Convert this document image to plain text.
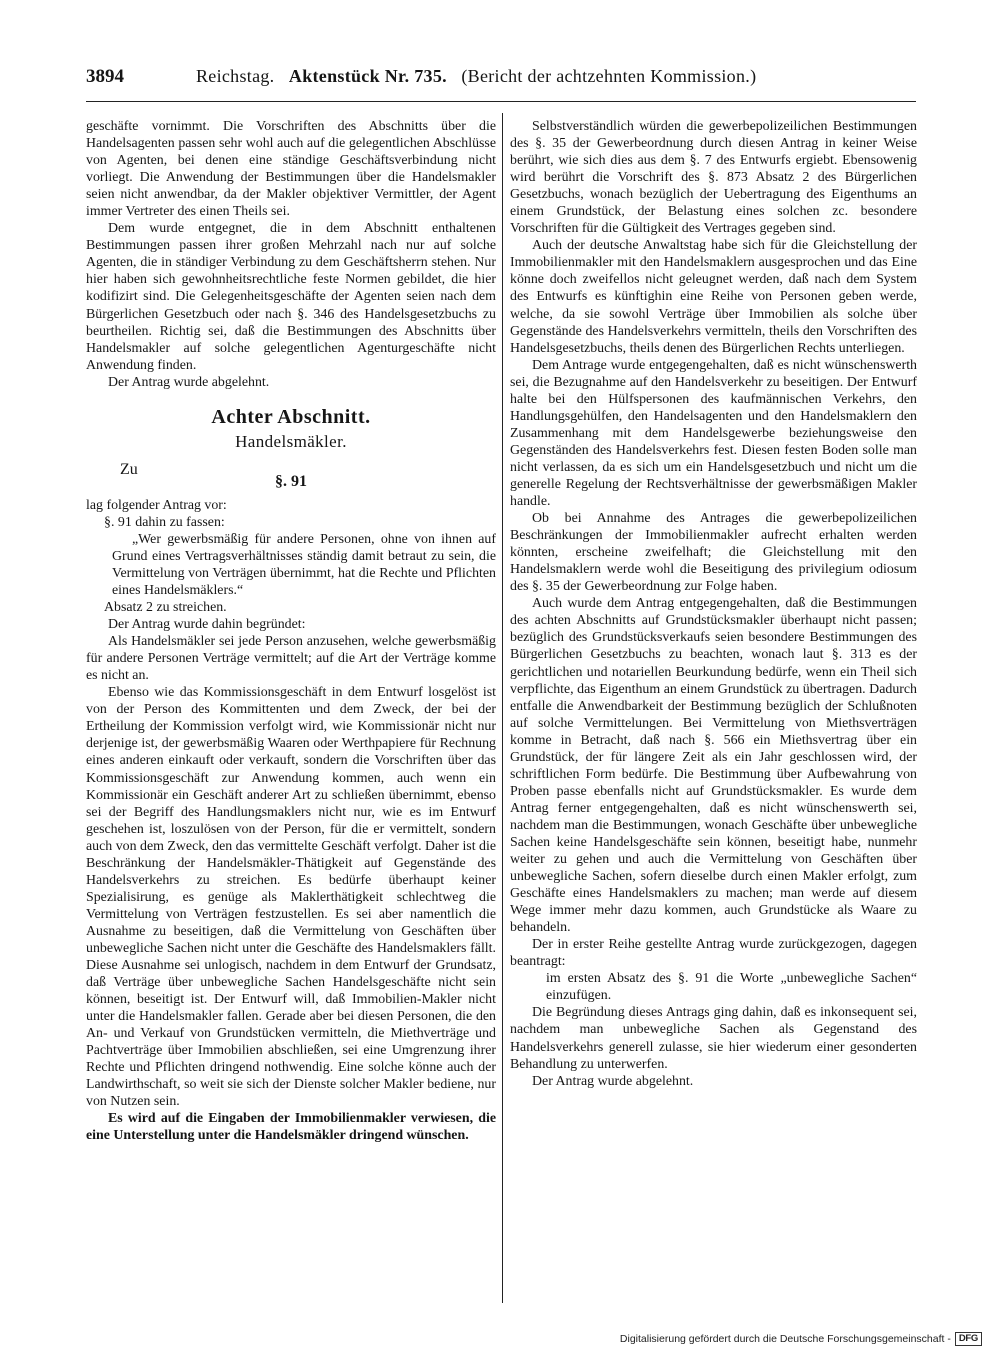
3894	Reichstag. Aktenstück Nr. 735. (Bericht der achtzehnten Kommission.)

geschäfte vornimmt. Die Vorschriften des Abschnitts über die Handelsagenten passen sehr wohl auch auf die gelegentlichen Abschlüsse von Agenten, bei denen eine ständige Geschäftsverbindung nicht vorliegt. Die Anwendung der Bestimmungen über die Handelsmakler seien nicht anwendbar, da der Makler objektiver Vermittler, der Agent immer Vertreter des einen Theils sei.

Dem wurde entgegnet, die in dem Abschnitt enthaltenen Bestimmungen passen ihrer großen Mehrzahl nach nur auf solche Agenten, die in ständiger Verbindung zu dem Geschäftsherrn stehen. Nur hier haben sich gewohnheitsrechtliche feste Normen gebildet, die hier kodifizirt sind. Die Gelegenheitsgeschäfte der Agenten seien nach dem Bürgerlichen Gesetzbuch oder nach §. 346 des Handelsgesetzbuchs zu beurtheilen. Richtig sei, daß die Bestimmungen des Abschnitts über Handelsmakler auf solche gelegentlichen Agenturgeschäfte nicht Anwendung finden.

Der Antrag wurde abgelehnt.

Achter Abschnitt.
Handelsmäkler.
Zu
§. 91

lag folgender Antrag vor:

§. 91 dahin zu fassen:

„Wer gewerbsmäßig für andere Personen, ohne von ihnen auf Grund eines Vertragsverhältnisses ständig damit betraut zu sein, die Vermittelung von Verträgen übernimmt, hat die Rechte und Pflichten eines Handelsmäklers.“

Absatz 2 zu streichen.

Der Antrag wurde dahin begründet:

Als Handelsmäkler sei jede Person anzusehen, welche gewerbsmäßig für andere Personen Verträge vermittelt; auf die Art der Verträge komme es nicht an.

Ebenso wie das Kommissionsgeschäft in dem Entwurf losgelöst ist von der Person des Kommittenten und dem Zweck, der bei der Ertheilung der Kommission verfolgt wird, wie Kommissionär nicht nur derjenige ist, der gewerbsmäßig Waaren oder Werthpapiere für Rechnung eines anderen einkauft oder verkauft, sondern die Vorschriften über das Kommissionsgeschäft zur Anwendung kommen, auch wenn ein Kommissionär ein Geschäft anderer Art zu schließen übernimmt, ebenso sei der Begriff des Handlungsmaklers nicht nur, wie es im Entwurf geschehen ist, loszulösen von der Person, für die er vermittelt, sondern auch von dem Zweck, den das vermittelte Geschäft verfolgt. Daher ist die Beschränkung der Handelsmäkler-Thätigkeit auf Gegenstände des Handelsverkehrs zu streichen. Es bedürfe überhaupt keiner Spezialisirung, es genüge als Maklerthätigkeit schlechtweg die Vermittelung von Verträgen festzustellen. Es sei aber namentlich die Ausnahme zu beseitigen, daß die Vermittelung von Geschäften über unbewegliche Sachen nicht unter die Geschäfte des Handelsmaklers fällt. Diese Ausnahme sei unlogisch, nachdem in dem Entwurf der Grundsatz, daß Verträge über unbewegliche Sachen Handelsgeschäfte nicht sein können, beseitigt ist. Der Entwurf will, daß Immobilien-Makler nicht unter die Handelsmakler fallen. Gerade aber bei diesen Personen, die den An- und Verkauf von Grundstücken vermitteln, die Miethverträge und Pachtverträge über Immobilien abschließen, sei eine Umgrenzung ihrer Rechte und Pflichten dringend nothwendig. Eine solche könne auch der Landwirthschaft, so weit sie sich der Dienste solcher Makler bediene, nur von Nutzen sein.

Es wird auf die Eingaben der Immobilienmakler verwiesen, die eine Unterstellung unter die Handelsmäkler dringend wünschen.

Selbstverständlich würden die gewerbepolizeilichen Bestimmungen des §. 35 der Gewerbeordnung durch diesen Antrag in keiner Weise berührt, wie sich dies aus dem §. 7 des Entwurfs ergiebt. Ebensowenig wird berührt die Vorschrift des §. 873 Absatz 2 des Bürgerlichen Gesetzbuchs, wonach bezüglich der Uebertragung des Eigenthums an einem Grundstück, der Belastung eines solchen zc. besondere Vorschriften für die Gültigkeit des Vertrages gegeben sind.

Auch der deutsche Anwaltstag habe sich für die Gleichstellung der Immobilienmakler mit den Handelsmaklern ausgesprochen und das Eine könne doch zweifellos nicht geleugnet werden, daß nach dem System des Entwurfs es künftighin eine Reihe von Personen geben werde, welche, da sie sowohl Verträge über Immobilien als solche über Gegenstände des Handelsverkehrs vermitteln, theils den Vorschriften des Handelsgesetzbuchs, theils denen des Bürgerlichen Rechts unterliegen.

Dem Antrage wurde entgegengehalten, daß es nicht wünschenswerth sei, die Bezugnahme auf den Handelsverkehr zu beseitigen. Der Entwurf halte bei den Hülfspersonen des kaufmännischen Verkehrs, den Handlungsgehülfen, den Handelsagenten und den Handelsmaklern den Zusammenhang mit dem Handelsgewerbe beziehungsweise den Gegenständen des Handelsverkehrs fest. Diesen festen Boden solle man nicht verlassen, da es sich um ein Handelsgesetzbuch und nicht um die generelle Regelung der Rechtsverhältnisse der gewerbsmäßigen Makler handle.

Ob bei Annahme des Antrages die gewerbepolizeilichen Beschränkungen der Immobilienmakler aufrecht erhalten werden könnten, erscheine zweifelhaft; die Gleichstellung mit den Handelsmaklern werde wohl die Beseitigung des privilegium odiosum des §. 35 der Gewerbeordnung zur Folge haben.

Auch wurde dem Antrag entgegengehalten, daß die Bestimmungen des achten Abschnitts auf Grundstücksmakler überhaupt nicht passen; bezüglich des Grundstücksverkaufs seien besondere Bestimmungen des Bürgerlichen Gesetzbuchs zu beachten, wonach laut §. 313 es der gerichtlichen und notariellen Beurkundung bedürfe, wenn ein Theil sich verpflichte, das Eigenthum an einem Grundstück zu übertragen. Dadurch entfalle die Anwendbarkeit der Bestimmung bezüglich der Schlußnoten auf solche Vermittelungen. Bei Vermittelung von Miethsverträgen komme in Betracht, daß nach §. 566 ein Miethsvertrag über ein Grundstück, der für längere Zeit als ein Jahr geschlossen wird, der schriftlichen Form bedürfe. Die Bestimmung über Aufbewahrung von Proben passe ebenfalls nicht auf Grundstücksmakler. Es wurde dem Antrag ferner entgegengehalten, daß es nicht wünschenswerth sei, nachdem man die Bestimmungen, wonach Geschäfte über unbewegliche Sachen keine Handelsgeschäfte sein können, beseitigt habe, nunmehr weiter zu gehen und auch die Vermittelung von Geschäften über unbewegliche Sachen, sofern dieselbe durch einen Makler erfolgt, zum Geschäfte eines Handelsmaklers zu machen; man werde auf diesem Wege immer mehr dazu kommen, auch Grundstücke als Waare zu behandeln.

Der in erster Reihe gestellte Antrag wurde zurückgezogen, dagegen beantragt:

im ersten Absatz des §. 91 die Worte „unbewegliche Sachen“ einzufügen.

Die Begründung dieses Antrags ging dahin, daß es inkonsequent sei, nachdem man unbewegliche Sachen als Gegenstand des Handelsverkehrs generell zulasse, sie hier wiederum einer gesonderten Behandlung zu unterwerfen.

Der Antrag wurde abgelehnt.

Digitalisierung gefördert durch die Deutsche Forschungsgemeinschaft - DFG
